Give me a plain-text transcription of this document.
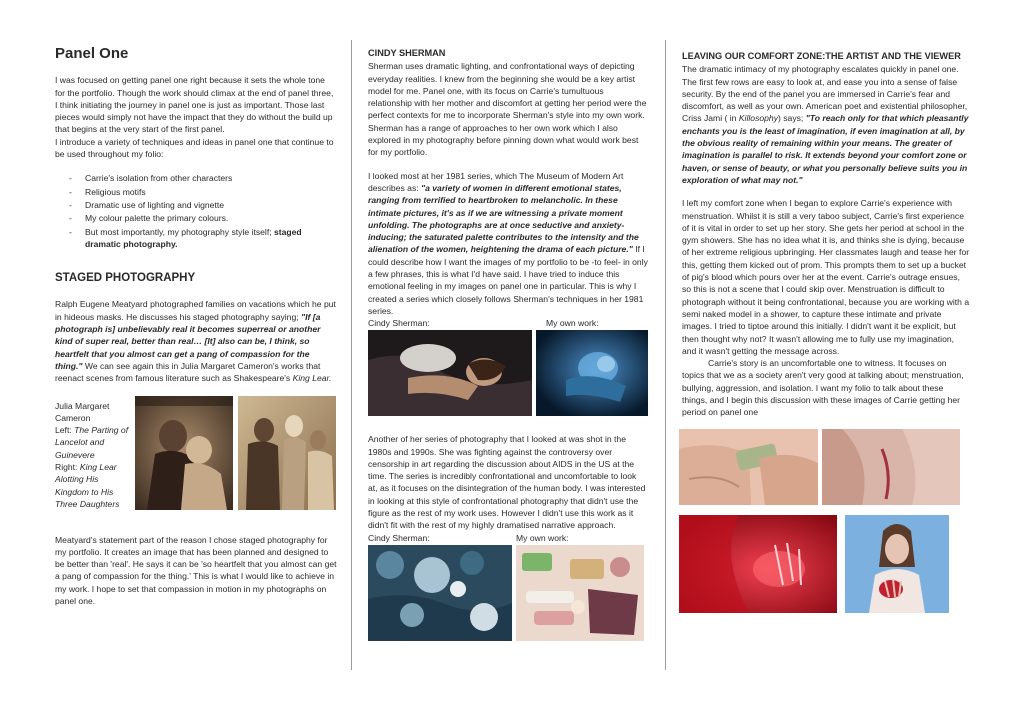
Panel One

I was focused on getting panel one right because it sets the whole tone for the portfolio. Though the work should climax at the end of panel three, I think initiating the journey in panel one is just as important. Those last pieces would simply not have the impact that they do without the build up that begins at the very start of the first panel.

I introduce a variety of techniques and ideas in panel one that continue to be used throughout my folio:

- Carrie's isolation from other characters
- Religious motifs
- Dramatic use of lighting and vignette
- My colour palette the primary colours.
- But most importantly, my photography style itself; staged dramatic photography.
STAGED PHOTOGRAPHY

Ralph Eugene Meatyard photographed families on vacations which he put in hideous masks. He discusses his staged photography saying; "If [a photograph is] unbelievably real it becomes superreal or another kind of super real, better than real… [It] also can be, I think, so heartfelt that you almost can get a pang of compassion for the thing." We can see again this in Julia Margaret Cameron's works that reenact scenes from famous literature such as Shakespeare's King Lear.

Julia Margaret Cameron
Left: The Parting of Lancelot and Guinevere
Right: King Lear Alotting His Kingdom to His Three Daughters

Meatyard's statement part of the reason I chose staged photography for my portfolio. It creates an image that has been planned and designed to be better than 'real'. He says it can be 'so heartfelt that you almost can get a pang of compassion for the thing.' This is what I would like to achieve in my work. I hope to set that compassion in motion in my photographs on panel one.

CINDY SHERMAN

Sherman uses dramatic lighting, and confrontational ways of depicting everyday realities. I knew from the beginning she would be a key artist model for me. Panel one, with its focus on Carrie's tumultuous relationship with her mother and discomfort at getting her period were the perfect contexts for me to incorporate Sherman's style into my own work. Sherman has a range of approaches to her own work which I also explored in my photography before pinning down what would work best for my portfolio.

I looked most at her 1981 series, which The Museum of Modern Art describes as: "a variety of women in different emotional states, ranging from terrified to heartbroken to melancholic. In these intimate pictures, it's as if we are witnessing a private moment unfolding. The photographs are at once seductive and anxiety-inducing; the saturated palette contributes to the intensity and the alienation of the women, heightening the drama of each picture." If I could describe how I want the images of my portfolio to be -to feel- in only a few phrases, this is what I'd have said. I have tried to induce this emotional feeling in my images on panel one in particular. This is why I created a series which closely follows Sherman's techniques in her 1981 series.

Cindy Sherman:	My own work:

Another of her series of photography that I looked at was shot in the 1980s and 1990s. She was fighting against the controversy over censorship in art regarding the discussion about AIDS in the US at the time. The series is incredibly confrontational and uncomfortable to look at, as it focuses on the disintegration of the human body. I was interested in looking at this style of confrontational photography that didn't use the figure as the rest of my work uses. However I didn't use this work as it didn't fit with the rest of my highly dramatised narrative approach.

Cindy Sherman:	My own work:
LEAVING OUR COMFORT ZONE:THE ARTIST AND THE VIEWER

The dramatic intimacy of my photography escalates quickly in panel one. The first few rows are easy to look at, and ease you into a sense of false security. By the end of the panel you are immersed in Carrie's fear and discomfort, as well as your own. American poet and existential philosopher, Criss Jami ( in Killosophy) says; "To reach only for that which pleasantly enchants you is the least of imagination, if even imagination at all, by the obvious reality of remaining within your means. The greater of imagination is parallel to risk. It extends beyond your comfort zone or haven, or sense of beauty, or what you personally believe suits you in exploration of what may not."

I left my comfort zone when I began to explore Carrie's experience with menstruation. Whilst it is still a very taboo subject, Carrie's first experience of it is vital in order to set up her story. She gets her period at school in the gym showers. She has no idea what it is, and thinks she is dying, because of her extreme religious upbringing. Her classmates laugh and tease her for this, getting them kicked out of prom. This prompts them to set up a bucket of pig's blood which pours over her at the event. Carrie's outrage ensues, so this is not a scene that I could skip over. Menstruation is difficult to photograph without it being confrontational, because you are working with a semi naked model in a shower, to capture these intimate and private images. I tried to tiptoe around this initially. I didn't want it be explicit, but then thought why not? It wasn't allowing me to fully use my imagination, and it wasn't getting the message across.

Carrie's story is an uncomfortable one to witness. It focuses on topics that we as a society aren't very good at talking about; menstruation, bullying, aggression, and isolation. I want my folio to talk about these things, and I begin this discussion with these images of Carrie getting her period on panel one
